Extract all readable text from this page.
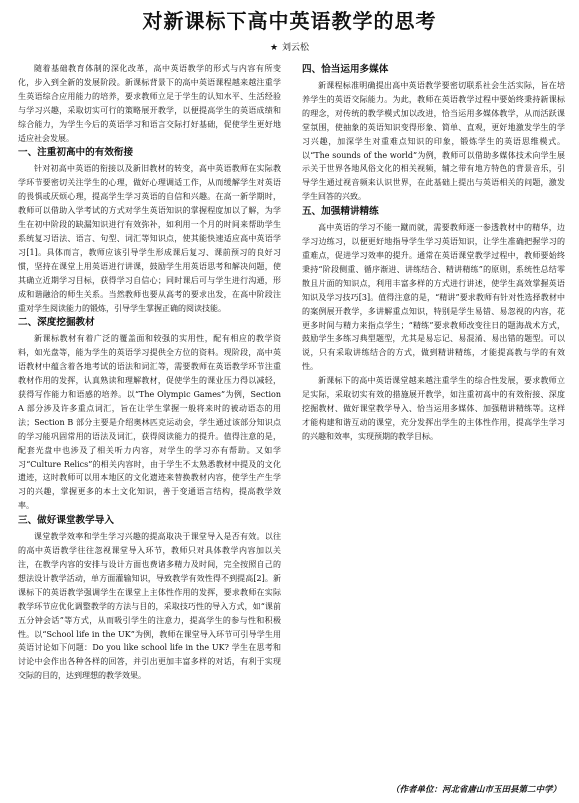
对新课标下高中英语教学的思考
★ 刘云松

随着基础教育体制的深化改革，高中英语教学的形式与内容有所变化，步入到全新的发展阶段。新课标背景下的高中英语课程越来越注重学生英语综合应用能力的培养，要求教师立足于学生的认知水平、生活经验与学习兴趣，采取切实可行的策略展开教学，以便提高学生的英语成绩和综合能力，为学生今后的英语学习和语言交际打好基础，促使学生更好地适应社会发展。

一、注重初高中的有效衔接

针对初高中英语的衔接以及新旧教材的转变，高中英语教师在实际教学环节要密切关注学生的心理，做好心理调适工作，从而缓解学生对英语的畏惧或厌烦心理，提高学生学习英语的自信和兴趣。在高一新学期时，教师可以借助入学考试的方式对学生英语知识的掌握程度加以了解，为学生在初中阶段的缺漏知识进行有效弥补，如利用一个月的时间来帮助学生系统复习语法、语言、句型、词汇等知识点，使其能快速适应高中英语学习[1]。具体而言，教师应该引导学生形成课后复习、课前预习的良好习惯，坚持在课堂上用英语进行讲课，鼓励学生用英语思考和解决问题，使其确立近期学习目标，获得学习自信心；同时课后可与学生进行沟通，形成和谐融洽的师生关系。当然教师也要从高考的要求出发，在高中阶段注重对学生阅读能力的锻炼，引导学生掌握正确的阅读技能。

二、深度挖掘教材

新课标教材有着广泛的覆盖面和较强的实用性，配有相应的教学资料，如光盘等，能为学生的英语学习提供全方位的资料。现阶段，高中英语教材中蕴含着各地考试的语法和词汇等，需要教师在英语教学环节注重教材作用的发挥，认真熟读和理解教材，促使学生的课业压力得以减轻，获得写作能力和语感的培养。以“The Olympic Games”为例，Section A 部分涉及许多重点词汇，旨在让学生掌握一般将来时的被动语态的用法；Section B 部分主要是介绍奥林匹克运动会，学生通过该部分知识点的学习能巩固常用的语法及词汇，获得阅读能力的提升。值得注意的是，配套光盘中也涉及了相关听力内容，对学生的学习亦有帮助。又如学习“Culture Relics”的相关内容时，由于学生不太熟悉教材中提及的文化遗迹，这时教师可以用本地区的文化遗迹来替换教材内容，使学生产生学习的兴趣，掌握更多的本土文化知识，善于变通语言结构，提高教学效率。

三、做好课堂教学导入

课堂教学效率和学生学习兴趣的提高取决于课堂导入是否有效。以往的高中英语教学往往忽视课堂导入环节，教师只对具体教学内容加以关注，在教学内容的安排与设计方面也费诸多精力及时间，完全按照自己的想法设计教学活动，单方面灌输知识，导致教学有效性得不到提高[2]。新课标下的英语教学强调学生在课堂上主体性作用的发挥，要求教师在实际教学环节应优化调整教学的方法与目的，采取技巧性的导入方式，如“课前五分钟会话”等方式，从而吸引学生的注意力，提高学生的参与性和积极性。以“School life in the UK”为例，教师在课堂导入环节可引导学生用英语讨论如下问题：Do you like school life in the UK? 学生在思考和讨论中会作出各种各样的回答，并引出更加丰富多样的对话，有利于实现交际的目的，达到理想的教学效果。

四、恰当运用多媒体

新课程标准明确提出高中英语教学要密切联系社会生活实际，旨在培养学生的英语交际能力。为此，教师在英语教学过程中要始终秉持新课标的理念，对传统的教学模式加以改进，恰当运用多媒体教学，从而活跃课堂氛围，使抽象的英语知识变得形象、简单、直观，更好地激发学生的学习兴趣，加深学生对重难点知识的印象，锻炼学生的英语思维模式。以“The sounds of the world”为例，教师可以借助多媒体技术向学生展示关于世界各地风俗文化的相关视频，辅之带有地方特色的背景音乐，引导学生通过视音频来认识世界，在此基础上提出与英语相关的问题，激发学生回答的兴致。

五、加强精讲精练

高中英语的学习不能一蹴而就，需要教师逐一参透教材中的精华，边学习边练习，以便更好地指导学生学习英语知识，让学生准确把握学习的重难点，促进学习效率的提升。通常在英语课堂教学过程中，教师要始终秉持“阶段侧重、循序渐进、讲练结合、精讲精练”的原则，系统性总结零散且片面的知识点，利用丰富多样的方式进行讲述，使学生高效掌握英语知识及学习技巧[3]。值得注意的是，“精讲”要求教师有针对性选择教材中的案例展开教学，多讲解重点知识，特别是学生易错、易忽视的内容，花更多时间与精力来指点学生；“精练”要求教师改变往日的题海战术方式，鼓励学生多练习典型题型，尤其是易忘记、易混淆、易出错的题型。可以说，只有采取讲练结合的方式，做到精讲精练，才能提高教与学的有效性。

新课标下的高中英语课堂越来越注重学生的综合性发展，要求教师立足实际，采取切实有效的措施展开教学，如注重初高中的有效衔接、深度挖掘教材、做好课堂教学导入、恰当运用多媒体、加强精讲精练等。这样才能构建和谐互动的课堂，充分发挥出学生的主体性作用，提高学生学习的兴趣和效率，实现预期的教学目标。

（作者单位：河北省唐山市玉田县第二中学）
